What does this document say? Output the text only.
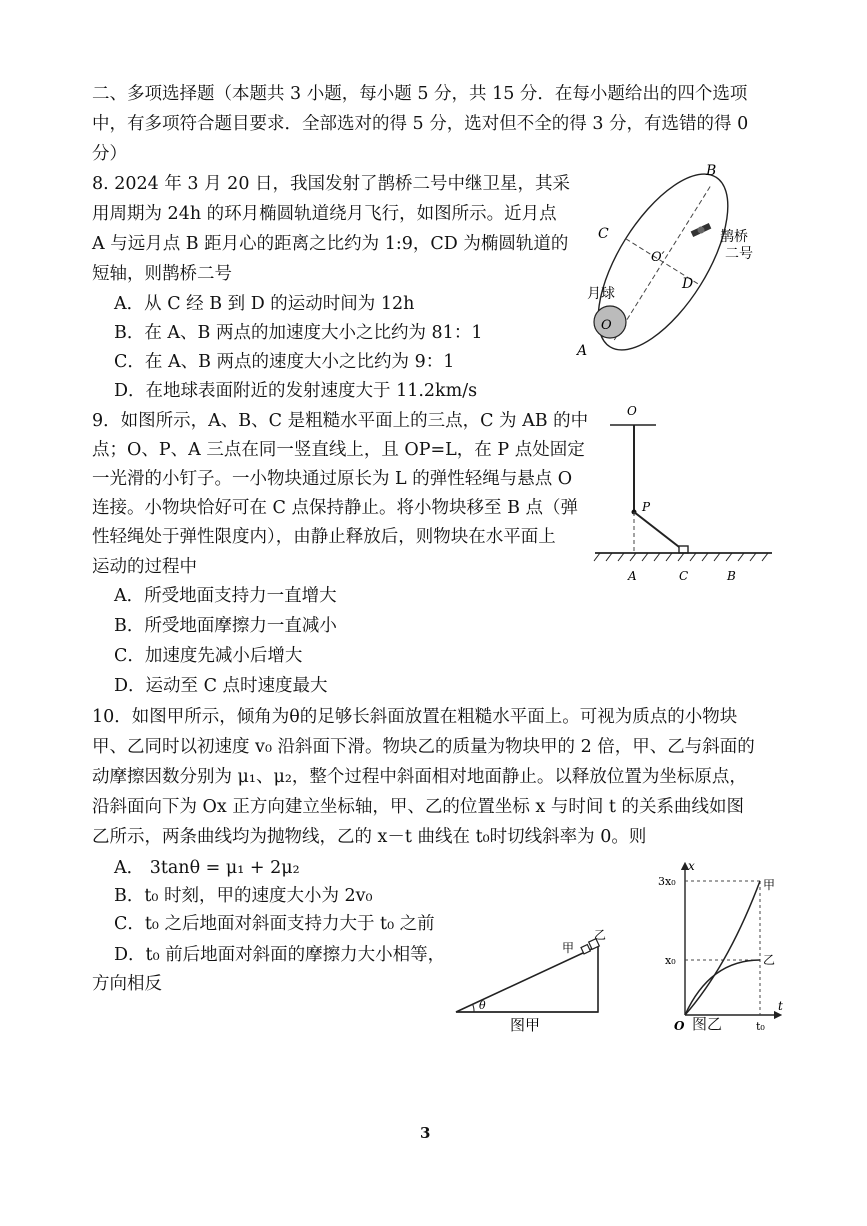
二、多项选择题（本题共 3 小题，每小题 5 分，共 15 分．在每小题给出的四个选项
中，有多项符合题目要求．全部选对的得 5 分，选对但不全的得 3 分，有选错的得 0
分）
8. 2024 年 3 月 20 日，我国发射了鹊桥二号中继卫星，其采
用周期为 24h 的环月椭圆轨道绕月飞行，如图所示。近月点
A 与远月点 B 距月心的距离之比约为 1:9，CD 为椭圆轨道的
短轴，则鹊桥二号
A．从 C 经 B 到 D 的运动时间为 12h
B．在 A、B 两点的加速度大小之比约为 81：1
C．在 A、B 两点的速度大小之比约为 9：1
D．在地球表面附近的发射速度大于 11.2km/s
B
C
D
A
O′
O
月球
鹊桥
二号
9．如图所示，A、B、C 是粗糙水平面上的三点，C 为 AB 的中
点；O、P、A 三点在同一竖直线上，且 OP=L，在 P 点处固定
一光滑的小钉子。一小物块通过原长为 L 的弹性轻绳与悬点 O
连接。小物块恰好可在 C 点保持静止。将小物块移至 B 点（弹
性轻绳处于弹性限度内），由静止释放后，则物块在水平面上
运动的过程中
A．所受地面支持力一直增大
B．所受地面摩擦力一直减小
C．加速度先减小后增大
D．运动至 C 点时速度最大
O
P
A	C	B
10．如图甲所示，倾角为θ的足够长斜面放置在粗糙水平面上。可视为质点的小物块
甲、乙同时以初速度 v₀ 沿斜面下滑。物块乙的质量为物块甲的 2 倍，甲、乙与斜面的
动摩擦因数分别为 μ₁、μ₂，整个过程中斜面相对地面静止。以释放位置为坐标原点，
沿斜面向下为 Ox 正方向建立坐标轴，甲、乙的位置坐标 x 与时间 t 的关系曲线如图
乙所示，两条曲线均为抛物线，乙的 x－t 曲线在 t₀时切线斜率为 0。则
A． 3tanθ = μ₁ + 2μ₂
B．t₀ 时刻，甲的速度大小为 2v₀
C．t₀ 之后地面对斜面支持力大于 t₀ 之前
D．t₀ 前后地面对斜面的摩擦力大小相等，
方向相反
θ
甲
乙
图甲
x
t
O
3x₀
x₀
t₀
甲
乙
图乙
3
